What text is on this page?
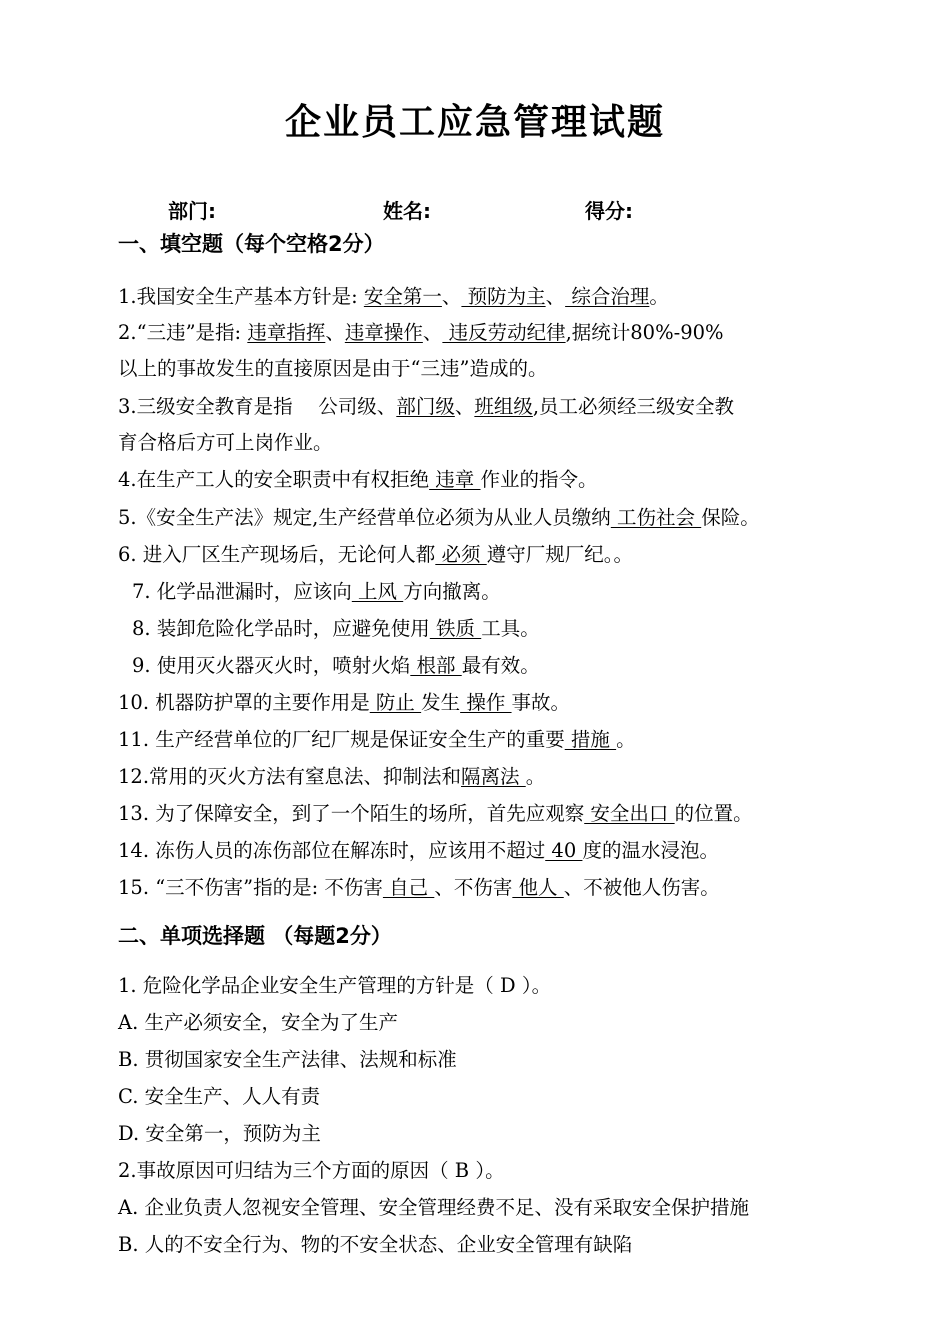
企业员工应急管理试题
部门:	姓名:	得分:
一、填空题（每个空格2分）
1.我国安全生产基本方针是: 安全第一、 预防为主、 综合治理。
2.“三违”是指: 违章指挥、违章操作、 违反劳动纪律,据统计80%-90%
以上的事故发生的直接原因是由于“三违”造成的。
3.三级安全教育是指　 公司级、部门级、班组级,员工必须经三级安全教
育合格后方可上岗作业。
4.在生产工人的安全职责中有权拒绝 违章 作业的指令。
5.《安全生产法》规定,生产经营单位必须为从业人员缴纳 工伤社会 保险。
6. 进入厂区生产现场后，无论何人都 必须 遵守厂规厂纪。。
7. 化学品泄漏时，应该向 上风 方向撤离。
8. 装卸危险化学品时，应避免使用 铁质 工具。
9. 使用灭火器灭火时，喷射火焰 根部 最有效。
10. 机器防护罩的主要作用是 防止 发生 操作 事故。
11. 生产经营单位的厂纪厂规是保证安全生产的重要 措施 。
12.常用的灭火方法有窒息法、抑制法和隔离法 。
13. 为了保障安全，到了一个陌生的场所，首先应观察 安全出口 的位置。
14. 冻伤人员的冻伤部位在解冻时，应该用不超过 40 度的温水浸泡。
15. “三不伤害”指的是: 不伤害 自己 、不伤害 他人 、不被他人伤害。
二、单项选择题 （每题2分）
1. 危险化学品企业安全生产管理的方针是（ D ）。
A. 生产必须安全，安全为了生产
B. 贯彻国家安全生产法律、法规和标准
C. 安全生产、人人有责
D. 安全第一，预防为主
2.事故原因可归结为三个方面的原因（ B ）。
A. 企业负责人忽视安全管理、安全管理经费不足、没有采取安全保护措施
B. 人的不安全行为、物的不安全状态、企业安全管理有缺陷
